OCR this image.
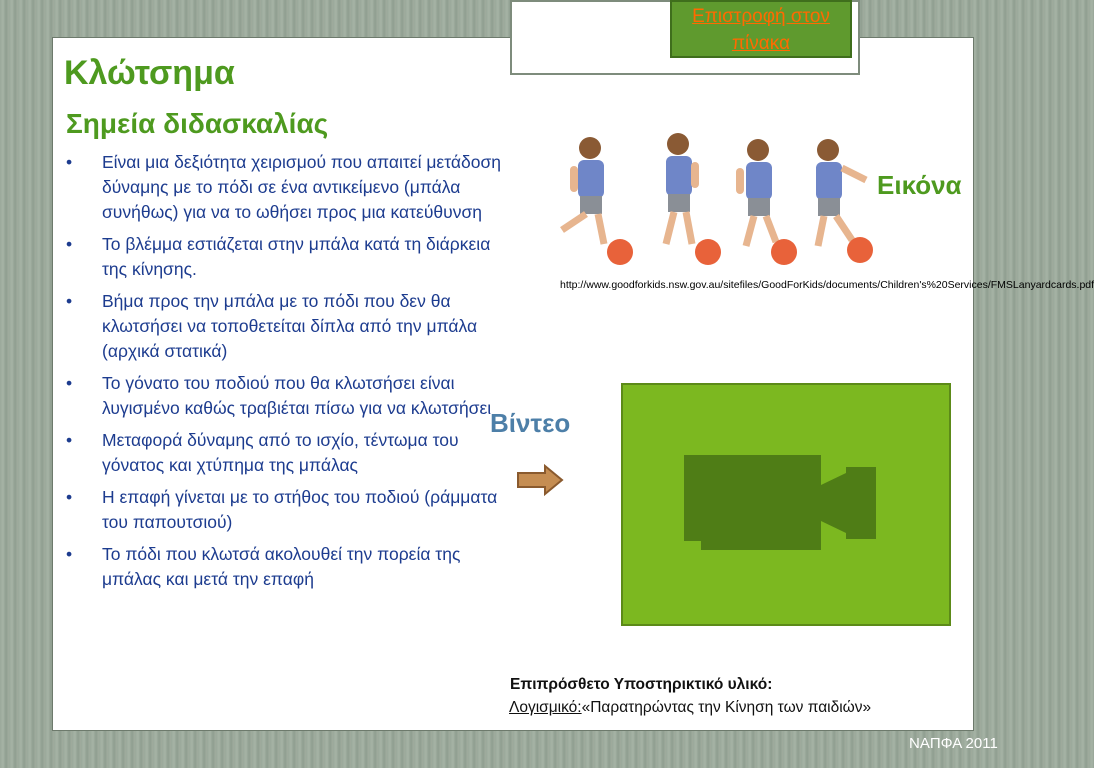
Επιστροφή στον πίνακα
Κλώτσημα
Σημεία διδασκαλίας
• Είναι μια δεξιότητα χειρισμού που απαιτεί μετάδοση δύναμης με το πόδι σε ένα αντικείμενο (μπάλα συνήθως) για να το ωθήσει προς μια κατεύθυνση
• Το βλέμμα εστιάζεται στην μπάλα κατά τη διάρκεια της κίνησης.
• Βήμα προς την μπάλα με το πόδι που δεν θα κλωτσήσει να τοποθετείται δίπλα από την μπάλα (αρχικά στατικά)
• Το γόνατο του ποδιού που θα κλωτσήσει είναι λυγισμένο καθώς τραβιέται πίσω για να κλωτσήσει
• Μεταφορά δύναμης από το ισχίο, τέντωμα του γόνατος και χτύπημα της μπάλας
• Η επαφή γίνεται με το στήθος του ποδιού (ράμματα του παπουτσιού)
• Το πόδι που κλωτσά ακολουθεί την πορεία της μπάλας και μετά την επαφή
Εικόνα
http://www.goodforkids.nsw.gov.au/sitefiles/GoodForKids/documents/Children's%20Services/FMSLanyardcards.pdf
Βίντεο
Επιπρόσθετο Υποστηρικτικό υλικό:
Λογισμικό:«Παρατηρώντας την Κίνηση των παιδιών»
ΝΑΠΦΑ 2011
